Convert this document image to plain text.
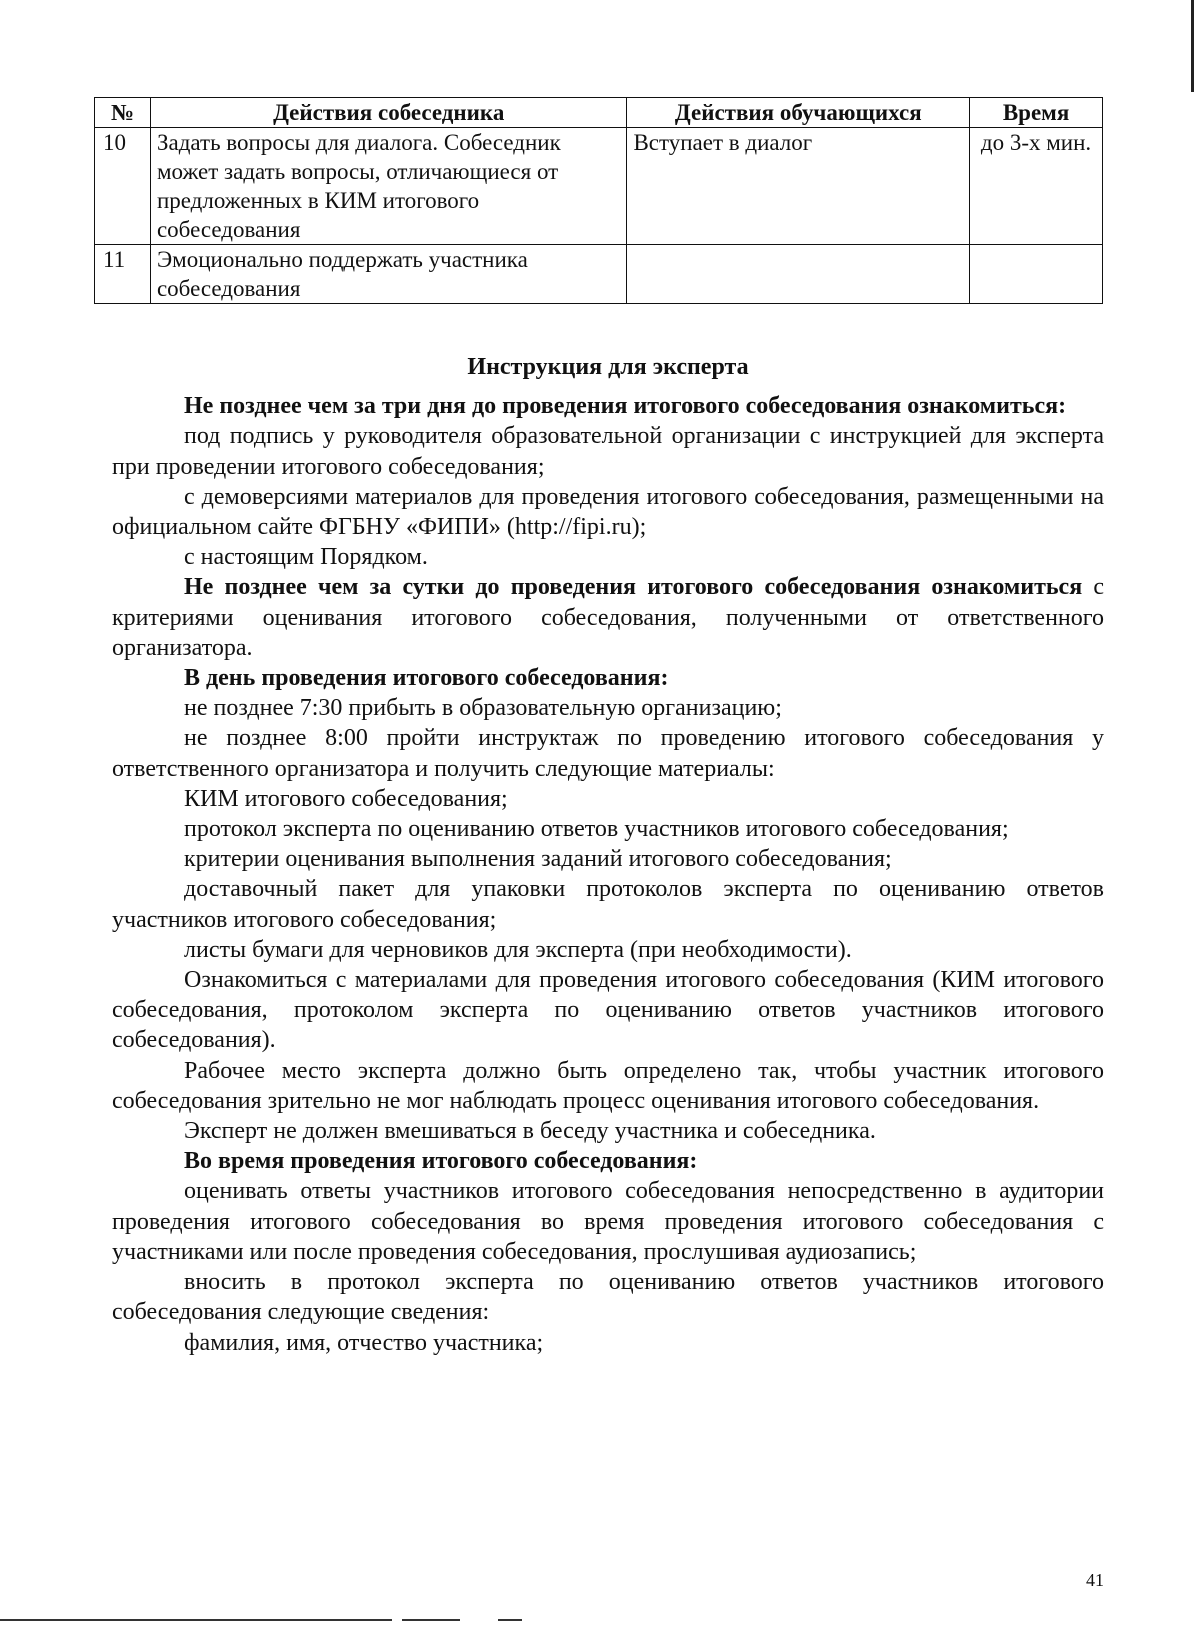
№	Действия собеседника	Действия обучающихся	Время
10	Задать вопросы для диалога. Собеседник может задать вопросы, отличающиеся от предложенных в КИМ итогового собеседования	Вступает в диалог	до 3-х мин.
11	Эмоционально поддержать участника собеседования		
Инструкция для эксперта

Не позднее чем за три дня до проведения итогового собеседования ознакомиться:

под подпись у руководителя образовательной организации с инструкцией для эксперта при проведении итогового собеседования;

с демоверсиями материалов для проведения итогового собеседования, размещенными на официальном сайте ФГБНУ «ФИПИ» (http://fipi.ru);

с настоящим Порядком.

Не позднее чем за сутки до проведения итогового собеседования ознакомиться с критериями оценивания итогового собеседования, полученными от ответственного организатора.

В день проведения итогового собеседования:

не позднее 7:30 прибыть в образовательную организацию;

не позднее 8:00 пройти инструктаж по проведению итогового собеседования у ответственного организатора и получить следующие материалы:

КИМ итогового собеседования;

протокол эксперта по оцениванию ответов участников итогового собеседования;

критерии оценивания выполнения заданий итогового собеседования;

доставочный пакет для упаковки протоколов эксперта по оцениванию ответов участников итогового собеседования;

листы бумаги для черновиков для эксперта (при необходимости).

Ознакомиться с материалами для проведения итогового собеседования (КИМ итогового собеседования, протоколом эксперта по оцениванию ответов участников итогового собеседования).

Рабочее место эксперта должно быть определено так, чтобы участник итогового собеседования зрительно не мог наблюдать процесс оценивания итогового собеседования.

Эксперт не должен вмешиваться в беседу участника и собеседника.

Во время проведения итогового собеседования:

оценивать ответы участников итогового собеседования непосредственно в аудитории проведения итогового собеседования во время проведения итогового собеседования с участниками или после проведения собеседования, прослушивая аудиозапись;

вносить в протокол эксперта по оцениванию ответов участников итогового собеседования следующие сведения:

фамилия, имя, отчество участника;

41
